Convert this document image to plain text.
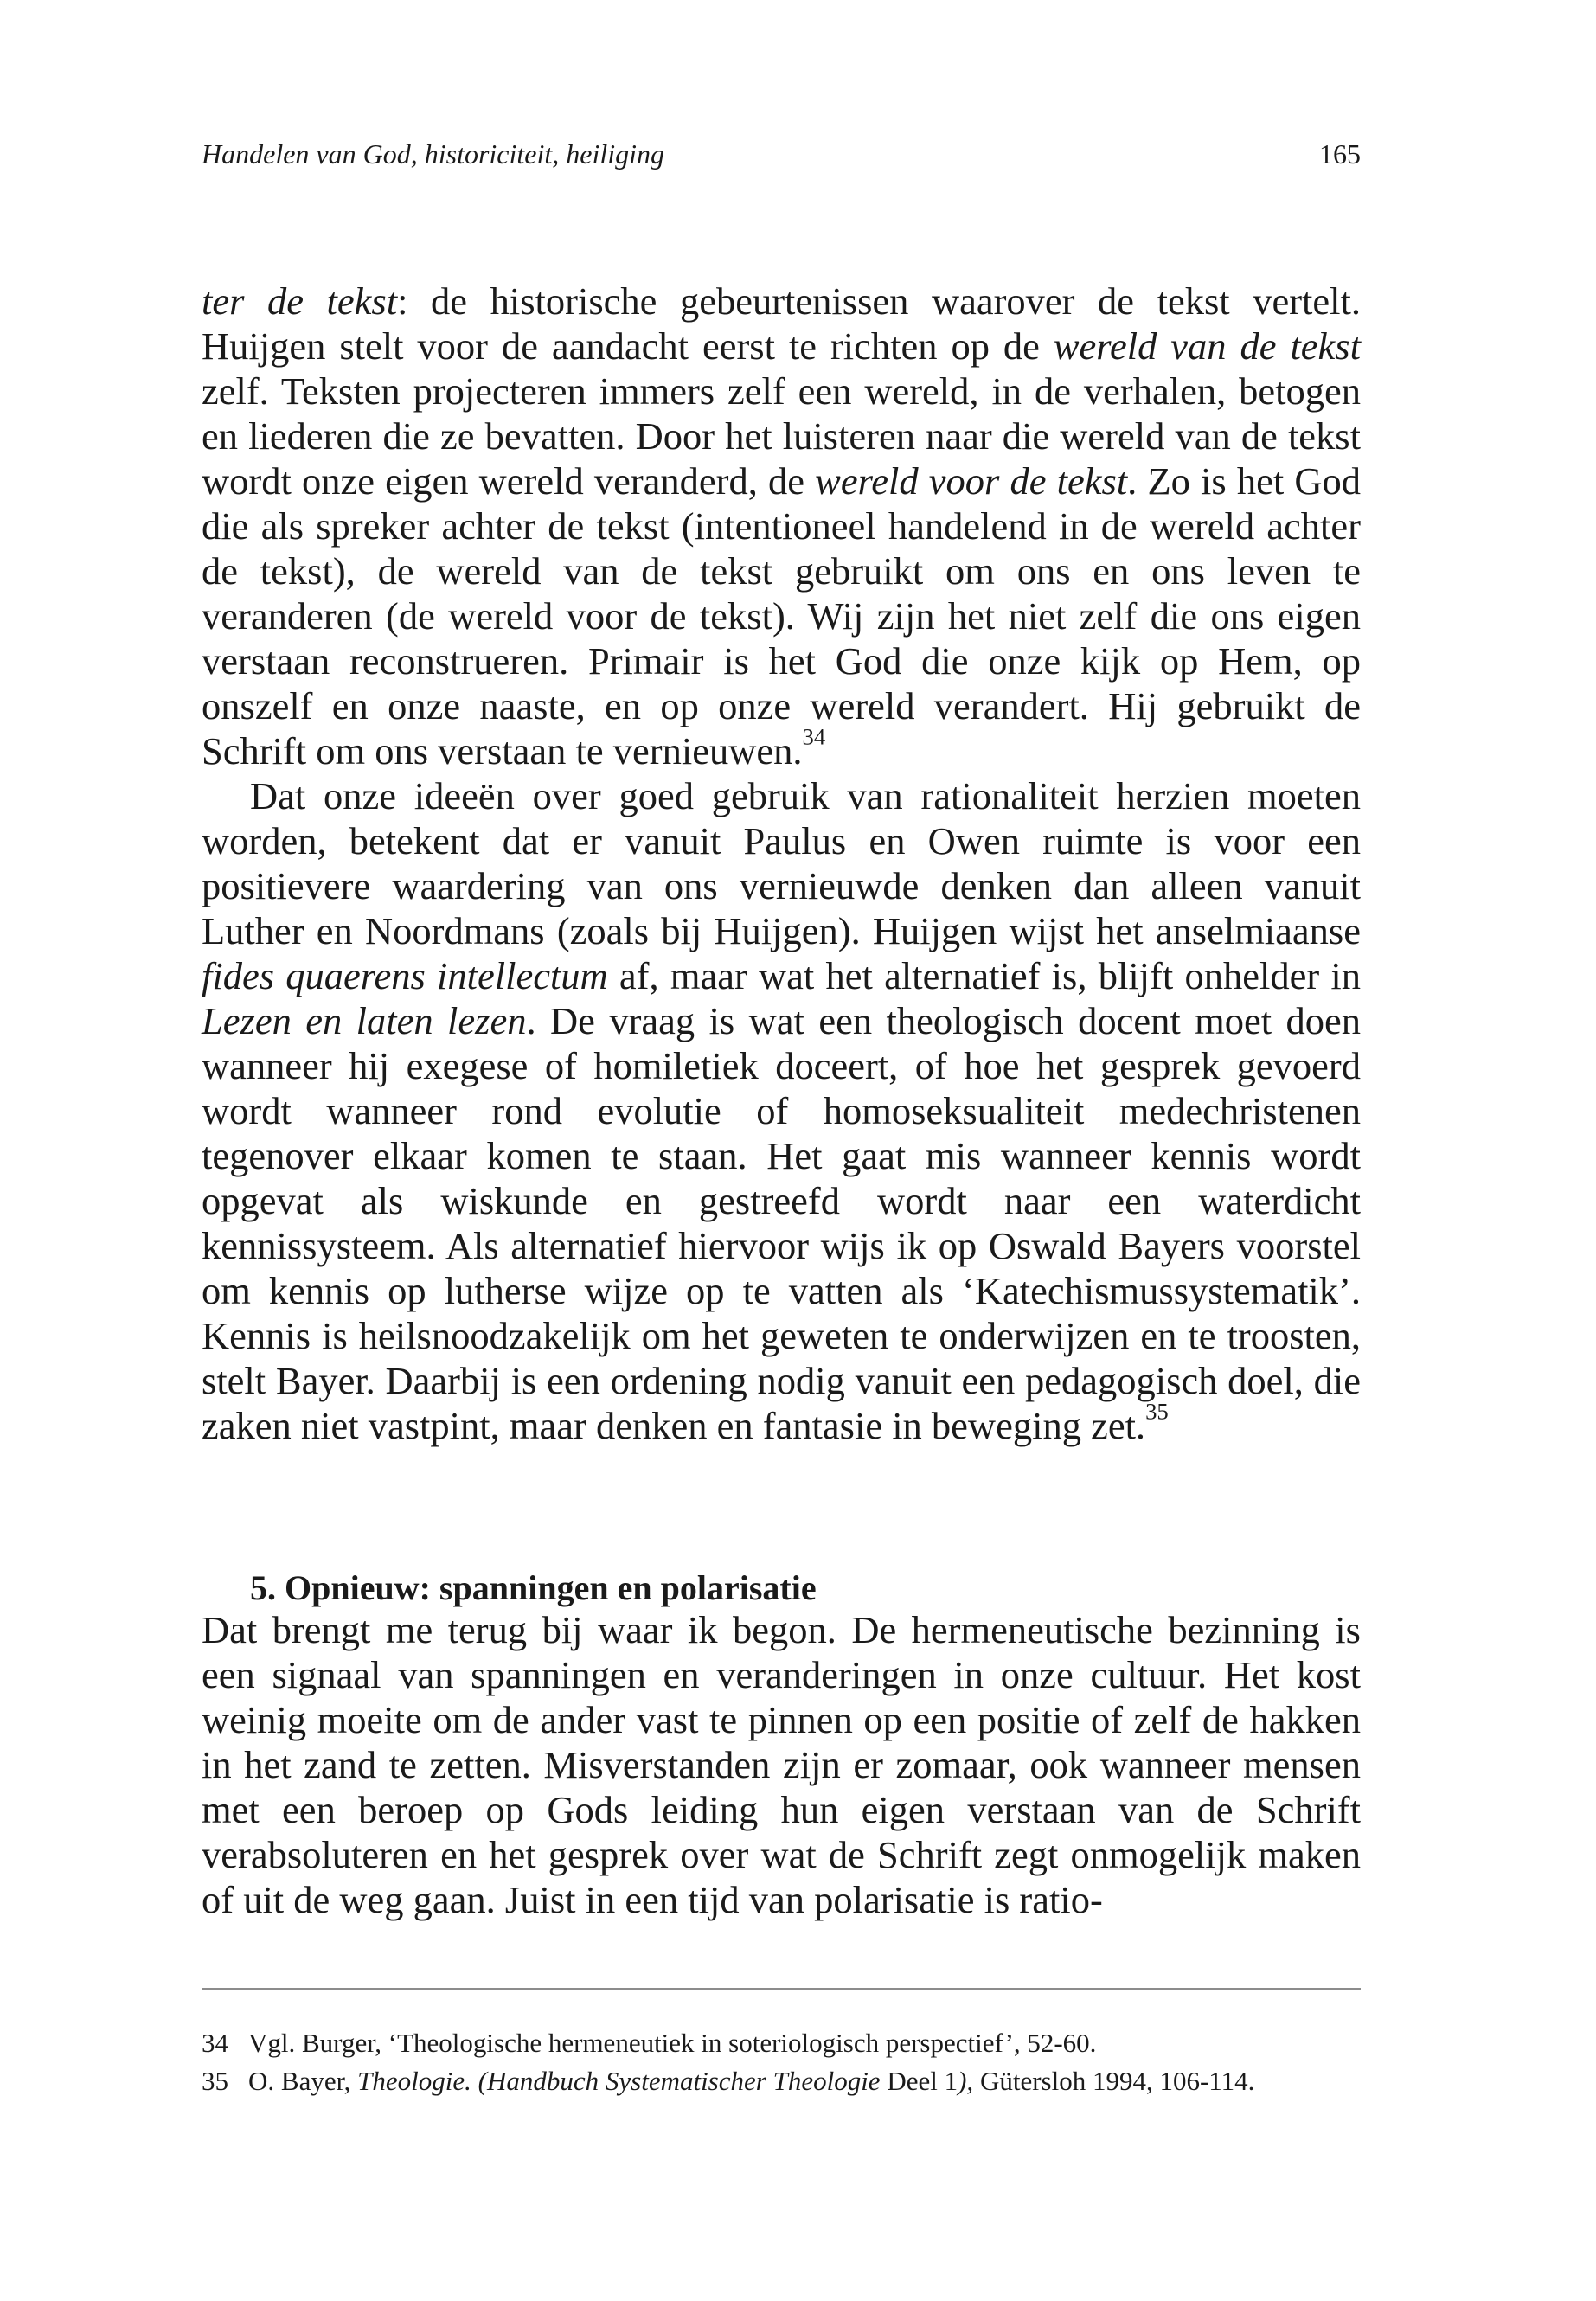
Handelen van God, historiciteit, heiliging	165

ter de tekst: de historische gebeurtenissen waarover de tekst vertelt. Huijgen stelt voor de aandacht eerst te richten op de wereld van de tekst zelf. Teksten projecteren immers zelf een wereld, in de verhalen, betogen en liederen die ze bevatten. Door het luisteren naar die wereld van de tekst wordt onze eigen wereld veranderd, de wereld voor de tekst. Zo is het God die als spreker achter de tekst (intentioneel handelend in de wereld achter de tekst), de wereld van de tekst gebruikt om ons en ons leven te veranderen (de wereld voor de tekst). Wij zijn het niet zelf die ons eigen verstaan reconstrueren. Primair is het God die onze kijk op Hem, op onszelf en onze naaste, en op onze wereld verandert. Hij gebruikt de Schrift om ons verstaan te vernieuwen.$^{34}$

Dat onze ideeën over goed gebruik van rationaliteit herzien moeten worden, betekent dat er vanuit Paulus en Owen ruimte is voor een positievere waardering van ons vernieuwde denken dan alleen vanuit Luther en Noordmans (zoals bij Huijgen). Huijgen wijst het anselmiaanse fides quaerens intellectum af, maar wat het alternatief is, blijft onhelder in Lezen en laten lezen. De vraag is wat een theologisch docent moet doen wanneer hij exegese of homiletiek doceert, of hoe het gesprek gevoerd wordt wanneer rond evolutie of homoseksualiteit medechristenen tegenover elkaar komen te staan. Het gaat mis wanneer kennis wordt opgevat als wiskunde en gestreefd wordt naar een waterdicht kennissysteem. Als alternatief hiervoor wijs ik op Oswald Bayers voorstel om kennis op lutherse wijze op te vatten als ‘Katechismussystematik’. Kennis is heilsnoodzakelijk om het geweten te onderwijzen en te troosten, stelt Bayer. Daarbij is een ordening nodig vanuit een pedagogisch doel, die zaken niet vastpint, maar denken en fantasie in beweging zet.$^{35}$

5. Opnieuw: spanningen en polarisatie

Dat brengt me terug bij waar ik begon. De hermeneutische bezinning is een signaal van spanningen en veranderingen in onze cultuur. Het kost weinig moeite om de ander vast te pinnen op een positie of zelf de hakken in het zand te zetten. Misverstanden zijn er zomaar, ook wanneer mensen met een beroep op Gods leiding hun eigen verstaan van de Schrift verabsoluteren en het gesprek over wat de Schrift zegt onmogelijk maken of uit de weg gaan. Juist in een tijd van polarisatie is ratio-

34 Vgl. Burger, ‘Theologische hermeneutiek in soteriologisch perspectief’, 52-60.
35 O. Bayer, Theologie. (Handbuch Systematischer Theologie Deel 1), Gütersloh 1994, 106-114.
